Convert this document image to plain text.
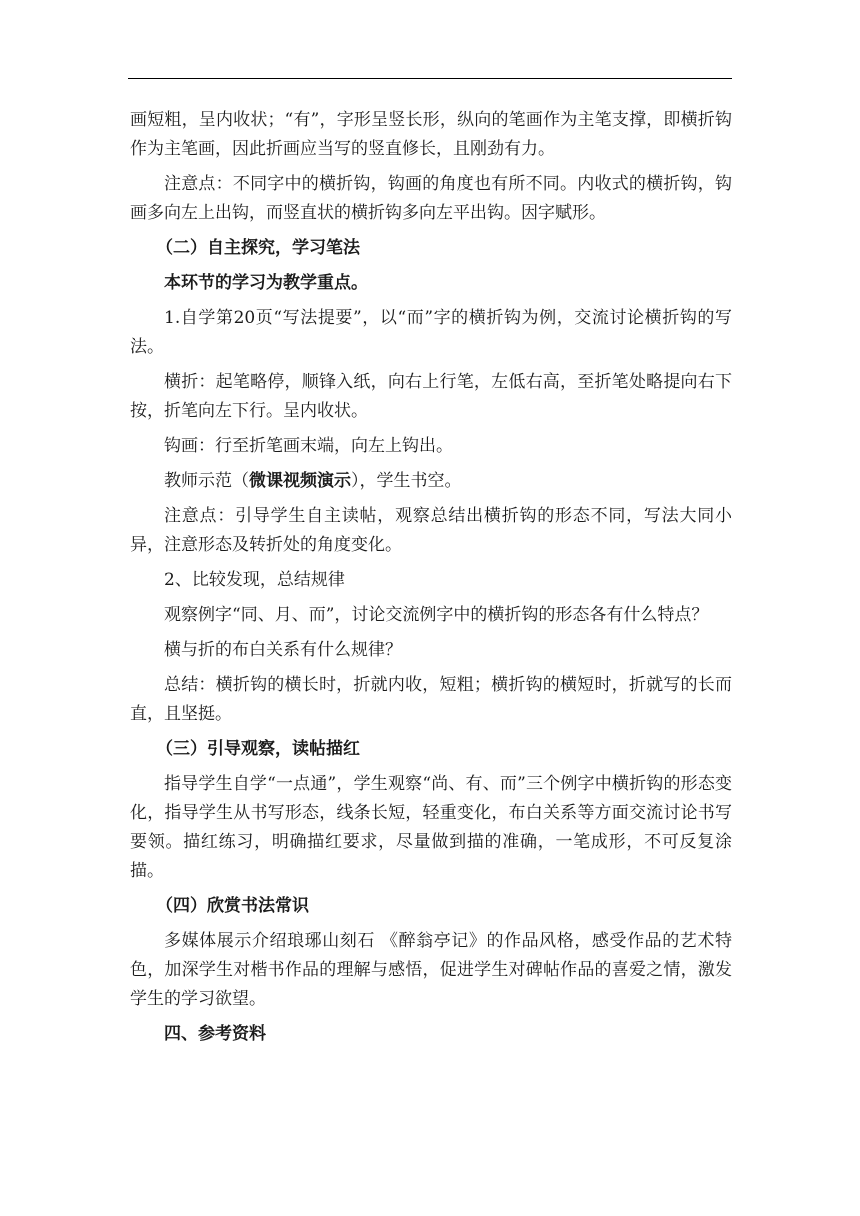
画短粗，呈内收状；“有”，字形呈竖长形，纵向的笔画作为主笔支撑，即横折钩作为主笔画，因此折画应当写的竖直修长，且刚劲有力。

注意点：不同字中的横折钩，钩画的角度也有所不同。内收式的横折钩，钩画多向左上出钩，而竖直状的横折钩多向左平出钩。因字赋形。

（二）自主探究，学习笔法

本环节的学习为教学重点。

1.自学第20页“写法提要”，以“而”字的横折钩为例，交流讨论横折钩的写法。

横折：起笔略停，顺锋入纸，向右上行笔，左低右高，至折笔处略提向右下按，折笔向左下行。呈内收状。

钩画：行至折笔画末端，向左上钩出。

教师示范（微课视频演示），学生书空。

注意点：引导学生自主读帖，观察总结出横折钩的形态不同，写法大同小异，注意形态及转折处的角度变化。

2、比较发现，总结规律

观察例字“同、月、而”，讨论交流例字中的横折钩的形态各有什么特点？

横与折的布白关系有什么规律？

总结：横折钩的横长时，折就内收，短粗；横折钩的横短时，折就写的长而直，且坚挺。

（三）引导观察，读帖描红

指导学生自学“一点通”，学生观察“尚、有、而”三个例字中横折钩的形态变化，指导学生从书写形态，线条长短，轻重变化，布白关系等方面交流讨论书写要领。描红练习，明确描红要求，尽量做到描的准确，一笔成形，不可反复涂描。

（四）欣赏书法常识

多媒体展示介绍琅琊山刻石 《醉翁亭记》的作品风格，感受作品的艺术特色，加深学生对楷书作品的理解与感悟，促进学生对碑帖作品的喜爱之情，激发学生的学习欲望。

四、参考资料
